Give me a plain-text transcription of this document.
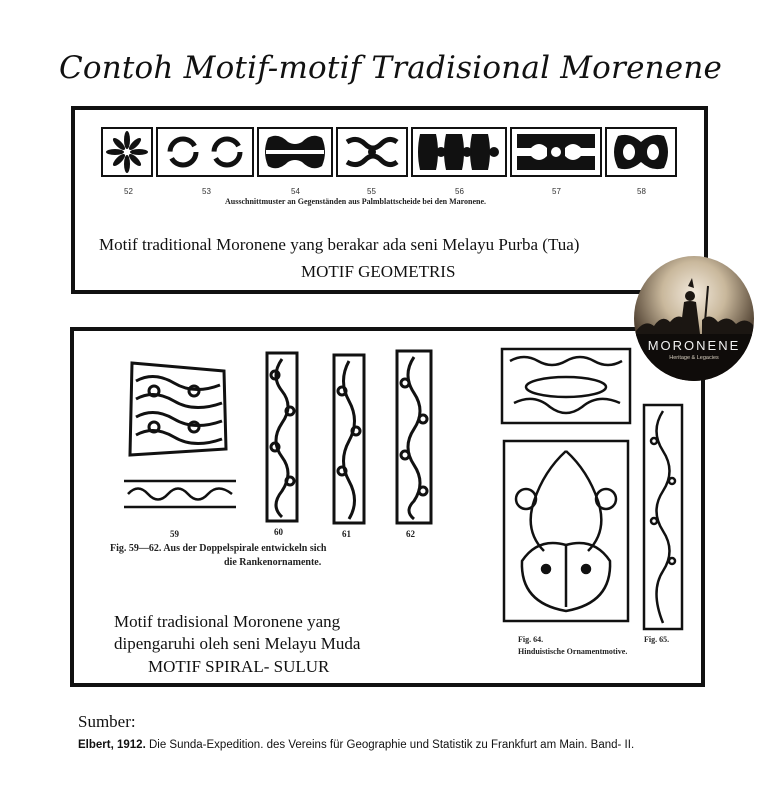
Contoh Motif-motif Tradisional Morenene
52	53	54	55	56	57	58
Ausschnittmuster an Gegenständen aus Palmblattscheide bei den Maronene.
Motif traditional Moronene yang berakar ada seni Melayu Purba (Tua)
MOTIF GEOMETRIS
59	60	61	62
Fig. 59—62. Aus der Doppelspirale entwickeln sich
die Rankenornamente.
Fig. 64.	Fig. 65.
Hinduistische Ornamentmotive.
Motif tradisional Moronene yang
dipengaruhi oleh seni Melayu Muda
MOTIF SPIRAL- SULUR
MORONENE
Heritage & Legacies
Sumber:
Elbert, 1912. Die Sunda-Expedition. des Vereins für Geographie und Statistik zu Frankfurt am Main. Band- II.
